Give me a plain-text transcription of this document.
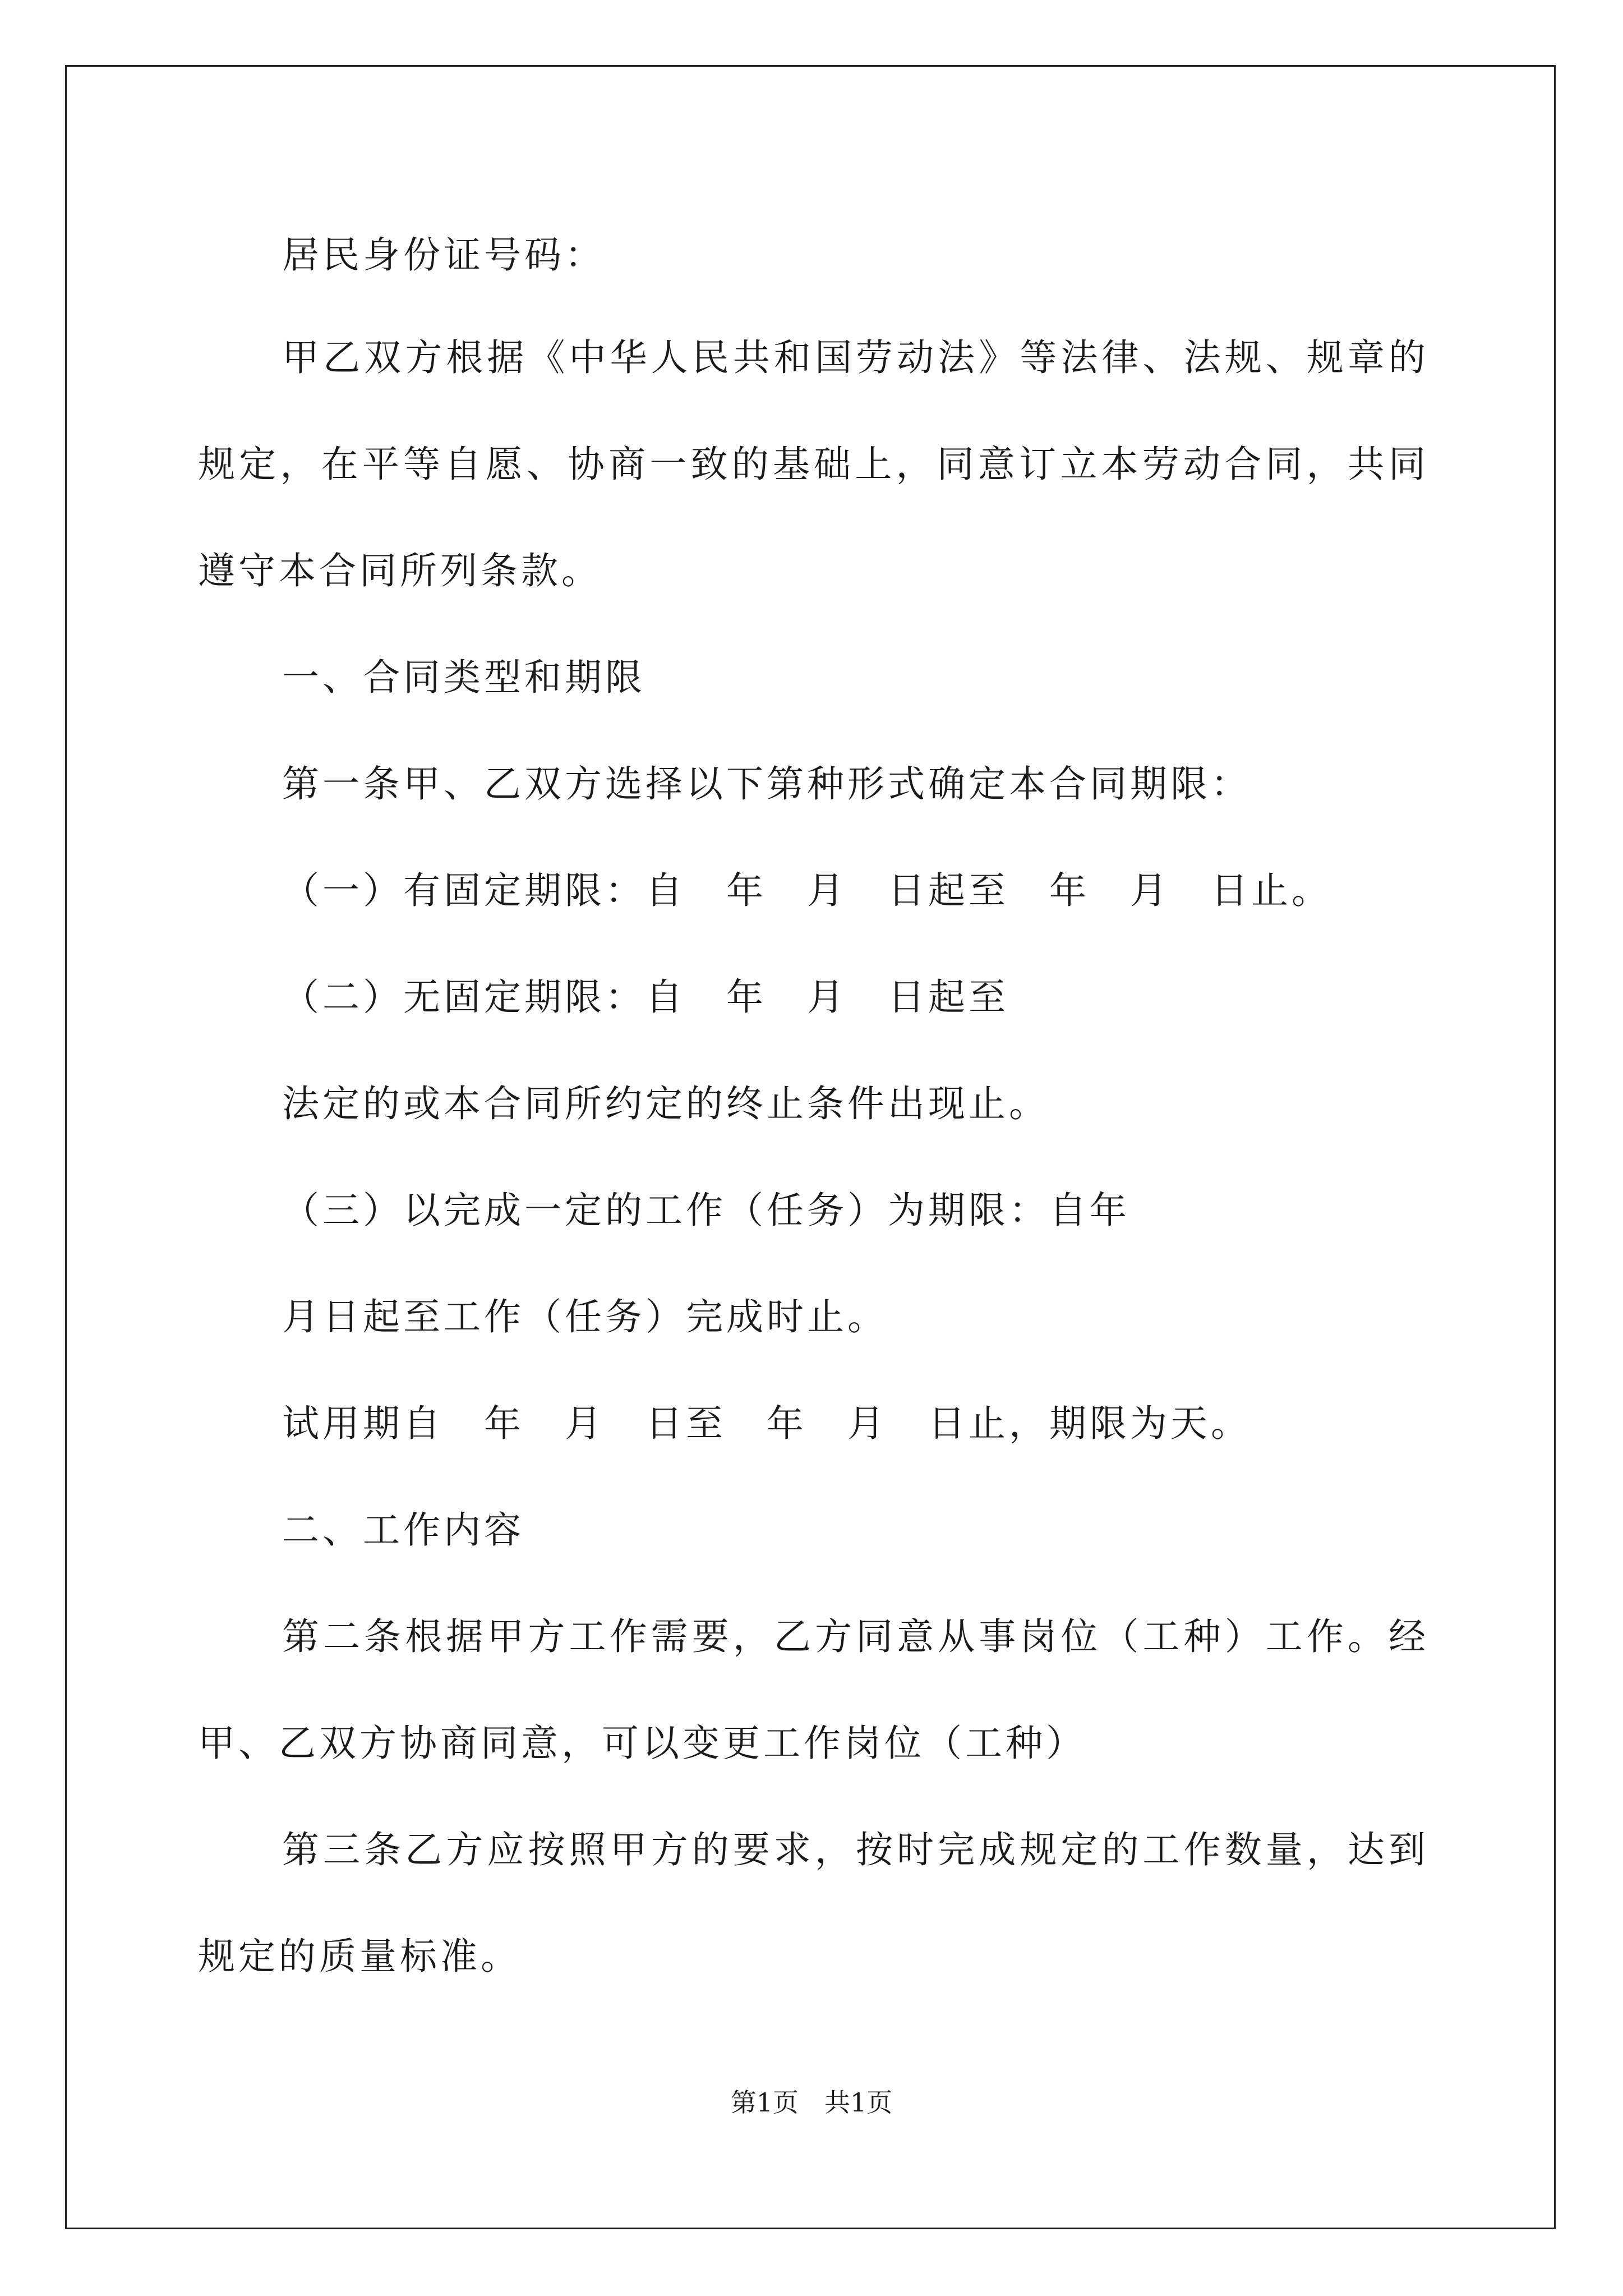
居民身份证号码：
甲乙双方根据《中华人民共和国劳动法》等法律、法规、规章的
规定，在平等自愿、协商一致的基础上，同意订立本劳动合同，共同
遵守本合同所列条款。
一、合同类型和期限
第一条甲、乙双方选择以下第种形式确定本合同期限：
（一）有固定期限：自　年　月　日起至　年　月　日止。
（二）无固定期限：自　年　月　日起至
法定的或本合同所约定的终止条件出现止。
（三）以完成一定的工作（任务）为期限：自年
月日起至工作（任务）完成时止。
试用期自　年　月　日至　年　月　日止，期限为天。
二、工作内容
第二条根据甲方工作需要，乙方同意从事岗位（工种）工作。经
甲、乙双方协商同意，可以变更工作岗位（工种）
第三条乙方应按照甲方的要求，按时完成规定的工作数量，达到
规定的质量标准。
第1页　共1页
